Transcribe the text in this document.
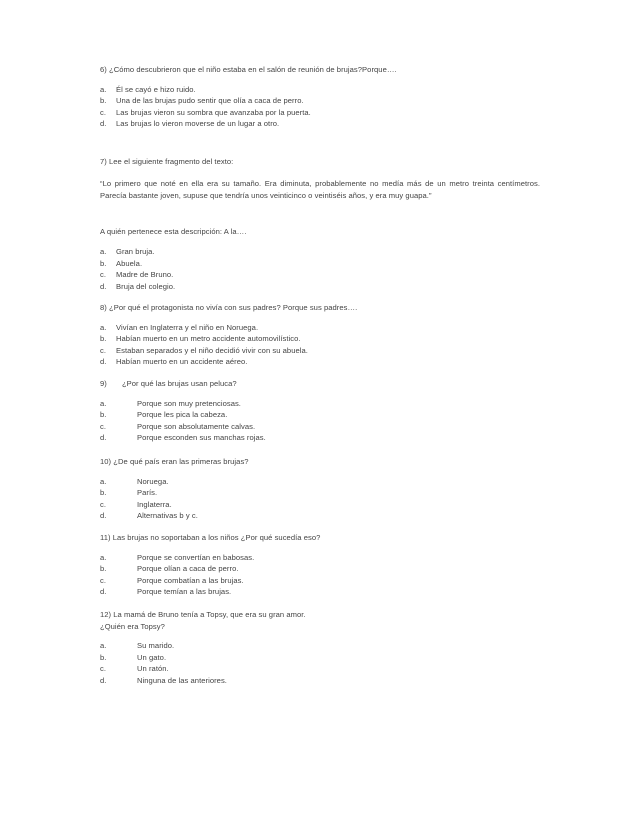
6) ¿Cómo descubrieron que el niño estaba en el salón de reunión de brujas?Porque….
a.	Él se cayó e hizo ruido.
b.	Una de las brujas pudo sentir que olía a caca de perro.
c.	Las brujas vieron su sombra que avanzaba por la puerta.
d.	Las brujas lo vieron moverse de un lugar a otro.
7) Lee el siguiente fragmento del texto:
“Lo primero que noté en ella era su tamaño. Era diminuta, probablemente no medía más de un metro treinta centímetros. Parecía bastante joven, supuse que tendría unos veinticinco o veintiséis años, y era muy guapa.”
A quién pertenece esta descripción: A la….
a.	Gran bruja.
b.	Abuela.
c.	Madre de Bruno.
d.	Bruja del colegio.
8) ¿Por qué el protagonista no vivía con sus padres? Porque sus padres….
a.	Vivían en Inglaterra y el niño en Noruega.
b.	Habían muerto en un metro accidente automovilístico.
c.	Estaban separados y el niño decidió vivir con su abuela.
d.	Habían muerto en un accidente aéreo.
9)       ¿Por qué las brujas usan peluca?
a.	Porque son muy pretenciosas.
b.	Porque les pica la cabeza.
c.	Porque son absolutamente calvas.
d.	Porque esconden sus manchas rojas.
10) ¿De qué país eran las primeras brujas?
a.	Noruega.
b.	París.
c.	Inglaterra.
d.	Alternativas b y c.
11) Las brujas no soportaban a los niños ¿Por qué sucedía eso?
a.	Porque se convertían en babosas.
b.	Porque olían a caca de perro.
c.	Porque combatían a las brujas.
d.	Porque temían a las brujas.
12) La mamá de Bruno tenía a Topsy, que era su gran amor.
¿Quién era Topsy?
a.	Su marido.
b.	Un gato.
c.	Un ratón.
d.	Ninguna de las anteriores.
